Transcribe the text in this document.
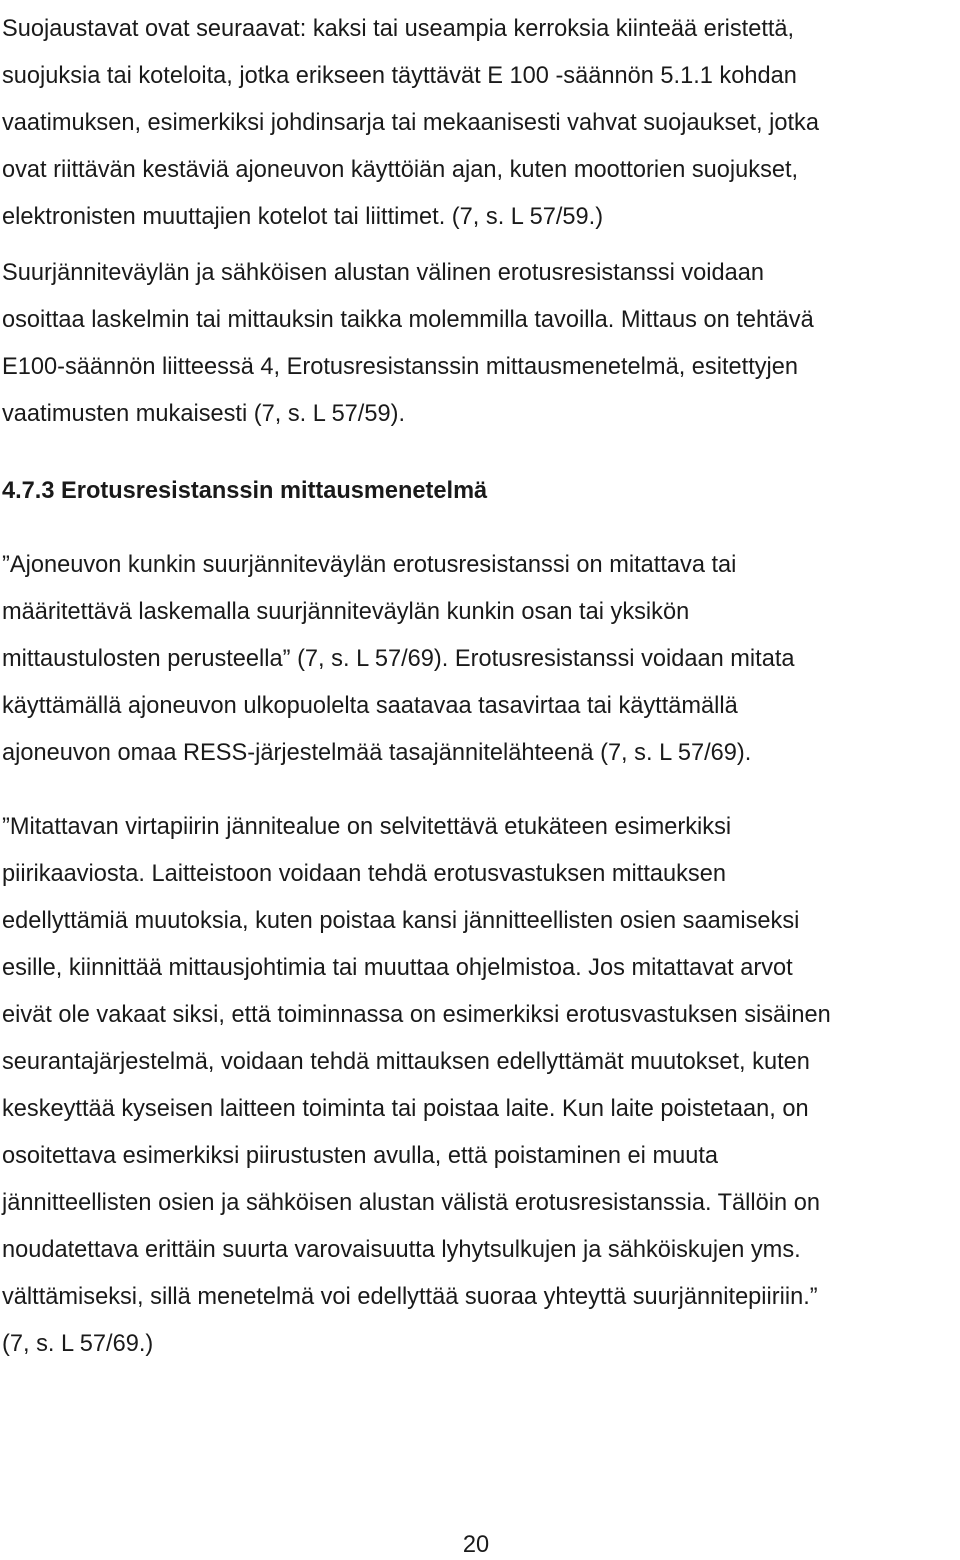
Suojaustavat ovat seuraavat: kaksi tai useampia kerroksia kiinteää eristettä,
suojuksia tai koteloita, jotka erikseen täyttävät E 100 -säännön 5.1.1 kohdan
vaatimuksen, esimerkiksi johdinsarja tai mekaanisesti vahvat suojaukset, jotka
ovat riittävän kestäviä ajoneuvon käyttöiän ajan, kuten moottorien suojukset,
elektronisten muuttajien kotelot tai liittimet. (7, s. L 57/59.)

Suurjänniteväylän ja sähköisen alustan välinen erotusresistanssi voidaan
osoittaa laskelmin tai mittauksin taikka molemmilla tavoilla. Mittaus on tehtävä
E100-säännön liitteessä 4, Erotusresistanssin mittausmenetelmä, esitettyjen
vaatimusten mukaisesti (7, s. L 57/59).

4.7.3 Erotusresistanssin mittausmenetelmä

”Ajoneuvon kunkin suurjänniteväylän erotusresistanssi on mitattava tai
määritettävä laskemalla suurjänniteväylän kunkin osan tai yksikön
mittaustulosten perusteella” (7, s. L 57/69). Erotusresistanssi voidaan mitata
käyttämällä ajoneuvon ulkopuolelta saatavaa tasavirtaa tai käyttämällä
ajoneuvon omaa RESS-järjestelmää tasajännitelähteenä (7, s. L 57/69).

”Mitattavan virtapiirin jännitealue on selvitettävä etukäteen esimerkiksi
piirikaaviosta. Laitteistoon voidaan tehdä erotusvastuksen mittauksen
edellyttämiä muutoksia, kuten poistaa kansi jännitteellisten osien saamiseksi
esille, kiinnittää mittausjohtimia tai muuttaa ohjelmistoa. Jos mitattavat arvot
eivät ole vakaat siksi, että toiminnassa on esimerkiksi erotusvastuksen sisäinen
seurantajärjestelmä, voidaan tehdä mittauksen edellyttämät muutokset, kuten
keskeyttää kyseisen laitteen toiminta tai poistaa laite. Kun laite poistetaan, on
osoitettava esimerkiksi piirustusten avulla, että poistaminen ei muuta
jännitteellisten osien ja sähköisen alustan välistä erotusresistanssia. Tällöin on
noudatettava erittäin suurta varovaisuutta lyhytsulkujen ja sähköiskujen yms.
välttämiseksi, sillä menetelmä voi edellyttää suoraa yhteyttä suurjännitepiiriin.”
(7, s. L 57/69.)

20
